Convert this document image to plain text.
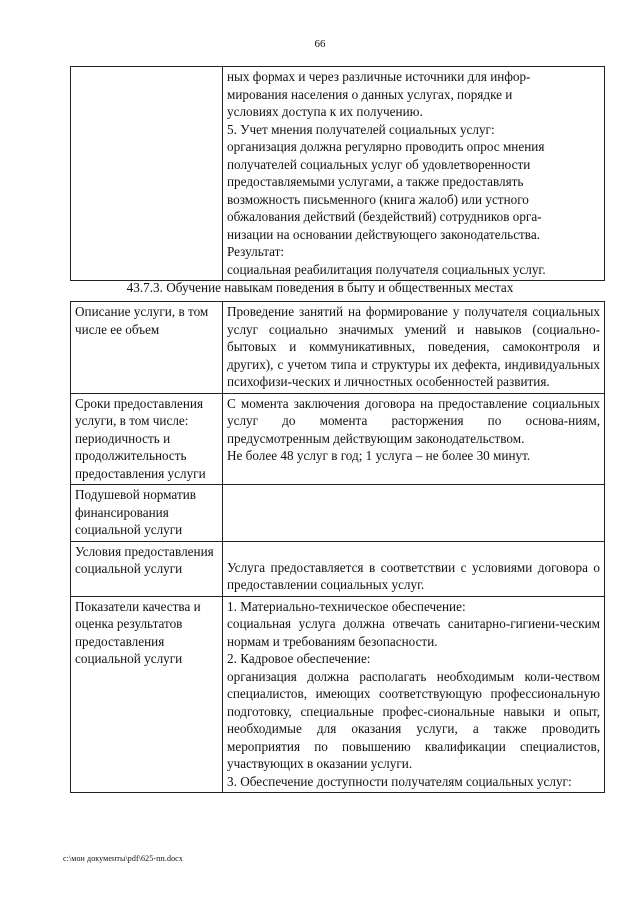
66

ных формах и через различные источники для инфор-
мирования населения о данных услугах, порядке и
условиях доступа к их получению.
5. Учет мнения получателей социальных услуг:
организация должна регулярно проводить опрос мнения
получателей социальных услуг об удовлетворенности
предоставляемыми услугами, а также предоставлять
возможность письменного (книга жалоб) или устного
обжалования действий (бездействий) сотрудников орга-
низации на основании действующего законодательства.
Результат:
социальная реабилитация получателя социальных услуг.
43.7.3. Обучение навыкам поведения в быту и общественных местах
Описание услуги, в том числе ее объем	Проведение занятий на формирование у получателя социальных услуг социально значимых умений и навыков (социально-бытовых и коммуникативных, поведения, самоконтроля и других), с учетом типа и структуры их дефекта, индивидуальных психофизи-ческих и личностных особенностей развития.
Сроки предоставления услуги, в том числе: периодичность и продолжительность предоставления услуги	С момента заключения договора на предоставление социальных услуг до момента расторжения по основа-ниям, предусмотренным действующим законодательством.
Не более 48 услуг в год; 1 услуга – не более 30 минут.

Подушевой норматив финансирования социальной услуги	
Условия предоставления социальной услуги	Услуга предоставляется в соответствии с условиями договора о предоставлении социальных услуг.
Показатели качества и оценка результатов предоставления социальной услуги	1. Материально-техническое обеспечение:
социальная услуга должна отвечать санитарно-гигиени-ческим нормам и требованиям безопасности.
2. Кадровое обеспечение:
организация должна располагать необходимым коли-чеством специалистов, имеющих соответствующую профессиональную подготовку, специальные профес-сиональные навыки и опыт, необходимые для оказания услуги, а также проводить мероприятия по повышению квалификации специалистов, участвующих в оказании услуги.
3. Обеспечение доступности получателям социальных услуг:
c:\мои документы\pdf\625-пп.docx
